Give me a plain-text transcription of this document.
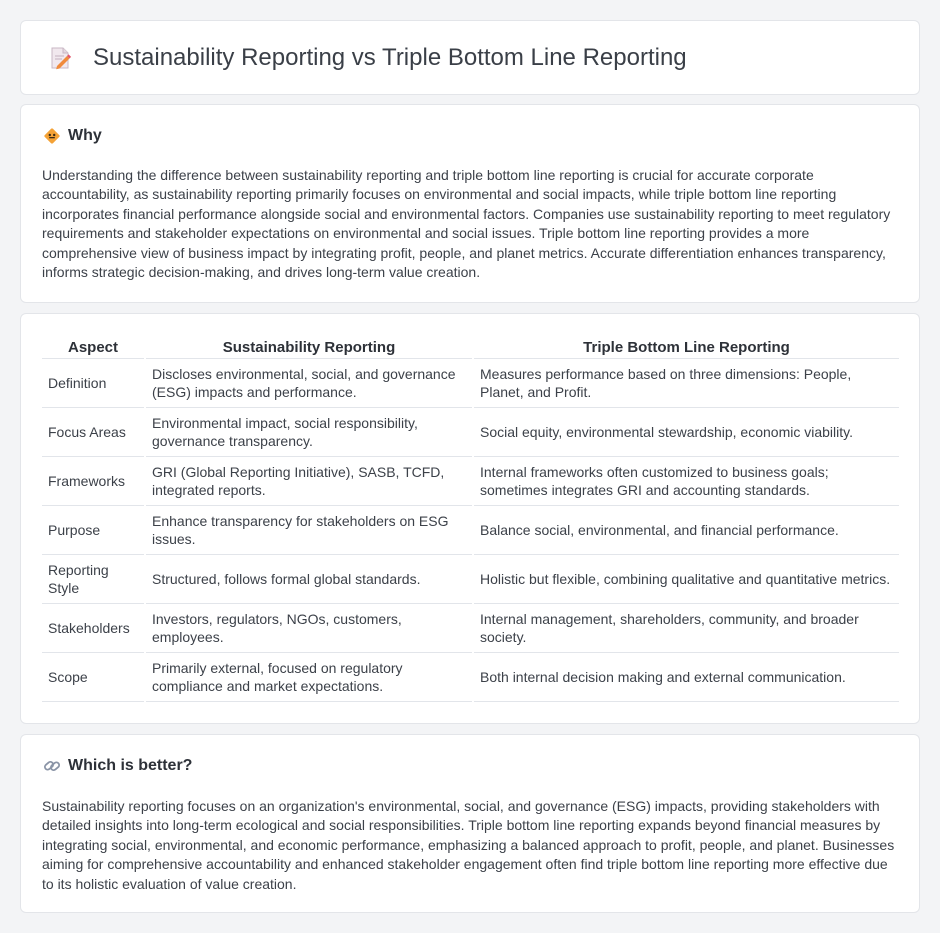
Sustainability Reporting vs Triple Bottom Line Reporting
Why

Understanding the difference between sustainability reporting and triple bottom line reporting is crucial for accurate corporate accountability, as sustainability reporting primarily focuses on environmental and social impacts, while triple bottom line reporting incorporates financial performance alongside social and environmental factors. Companies use sustainability reporting to meet regulatory requirements and stakeholder expectations on environmental and social issues. Triple bottom line reporting provides a more comprehensive view of business impact by integrating profit, people, and planet metrics. Accurate differentiation enhances transparency, informs strategic decision-making, and drives long-term value creation.

Aspect	Sustainability Reporting	Triple Bottom Line Reporting
Definition	Discloses environmental, social, and governance (ESG) impacts and performance.	Measures performance based on three dimensions: People, Planet, and Profit.
Focus Areas	Environmental impact, social responsibility, governance transparency.	Social equity, environmental stewardship, economic viability.
Frameworks	GRI (Global Reporting Initiative), SASB, TCFD, integrated reports.	Internal frameworks often customized to business goals; sometimes integrates GRI and accounting standards.
Purpose	Enhance transparency for stakeholders on ESG issues.	Balance social, environmental, and financial performance.
Reporting Style	Structured, follows formal global standards.	Holistic but flexible, combining qualitative and quantitative metrics.
Stakeholders	Investors, regulators, NGOs, customers, employees.	Internal management, shareholders, community, and broader society.
Scope	Primarily external, focused on regulatory compliance and market expectations.	Both internal decision making and external communication.
Which is better?

Sustainability reporting focuses on an organization's environmental, social, and governance (ESG) impacts, providing stakeholders with detailed insights into long-term ecological and social responsibilities. Triple bottom line reporting expands beyond financial measures by integrating social, environmental, and economic performance, emphasizing a balanced approach to profit, people, and planet. Businesses aiming for comprehensive accountability and enhanced stakeholder engagement often find triple bottom line reporting more effective due to its holistic evaluation of value creation.
